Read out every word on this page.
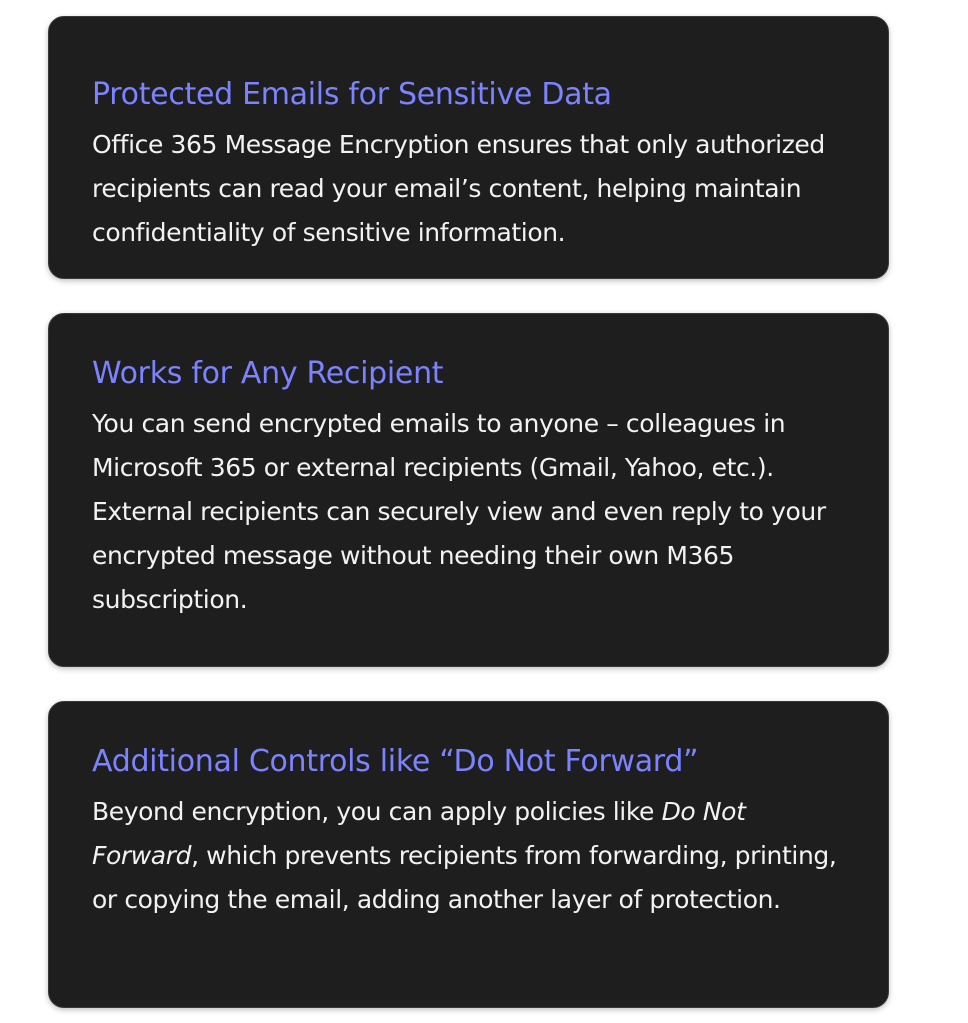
Protected Emails for Sensitive Data

Office 365 Message Encryption ensures that only authorized recipients can read your email’s content, helping maintain confidentiality of sensitive information.

Works for Any Recipient

You can send encrypted emails to anyone – colleagues in Microsoft 365 or external recipients (Gmail, Yahoo, etc.). External recipients can securely view and even reply to your encrypted message without needing their own M365 subscription.

Additional Controls like “Do Not Forward”

Beyond encryption, you can apply policies like Do Not Forward, which prevents recipients from forwarding, printing, or copying the email, adding another layer of protection.
